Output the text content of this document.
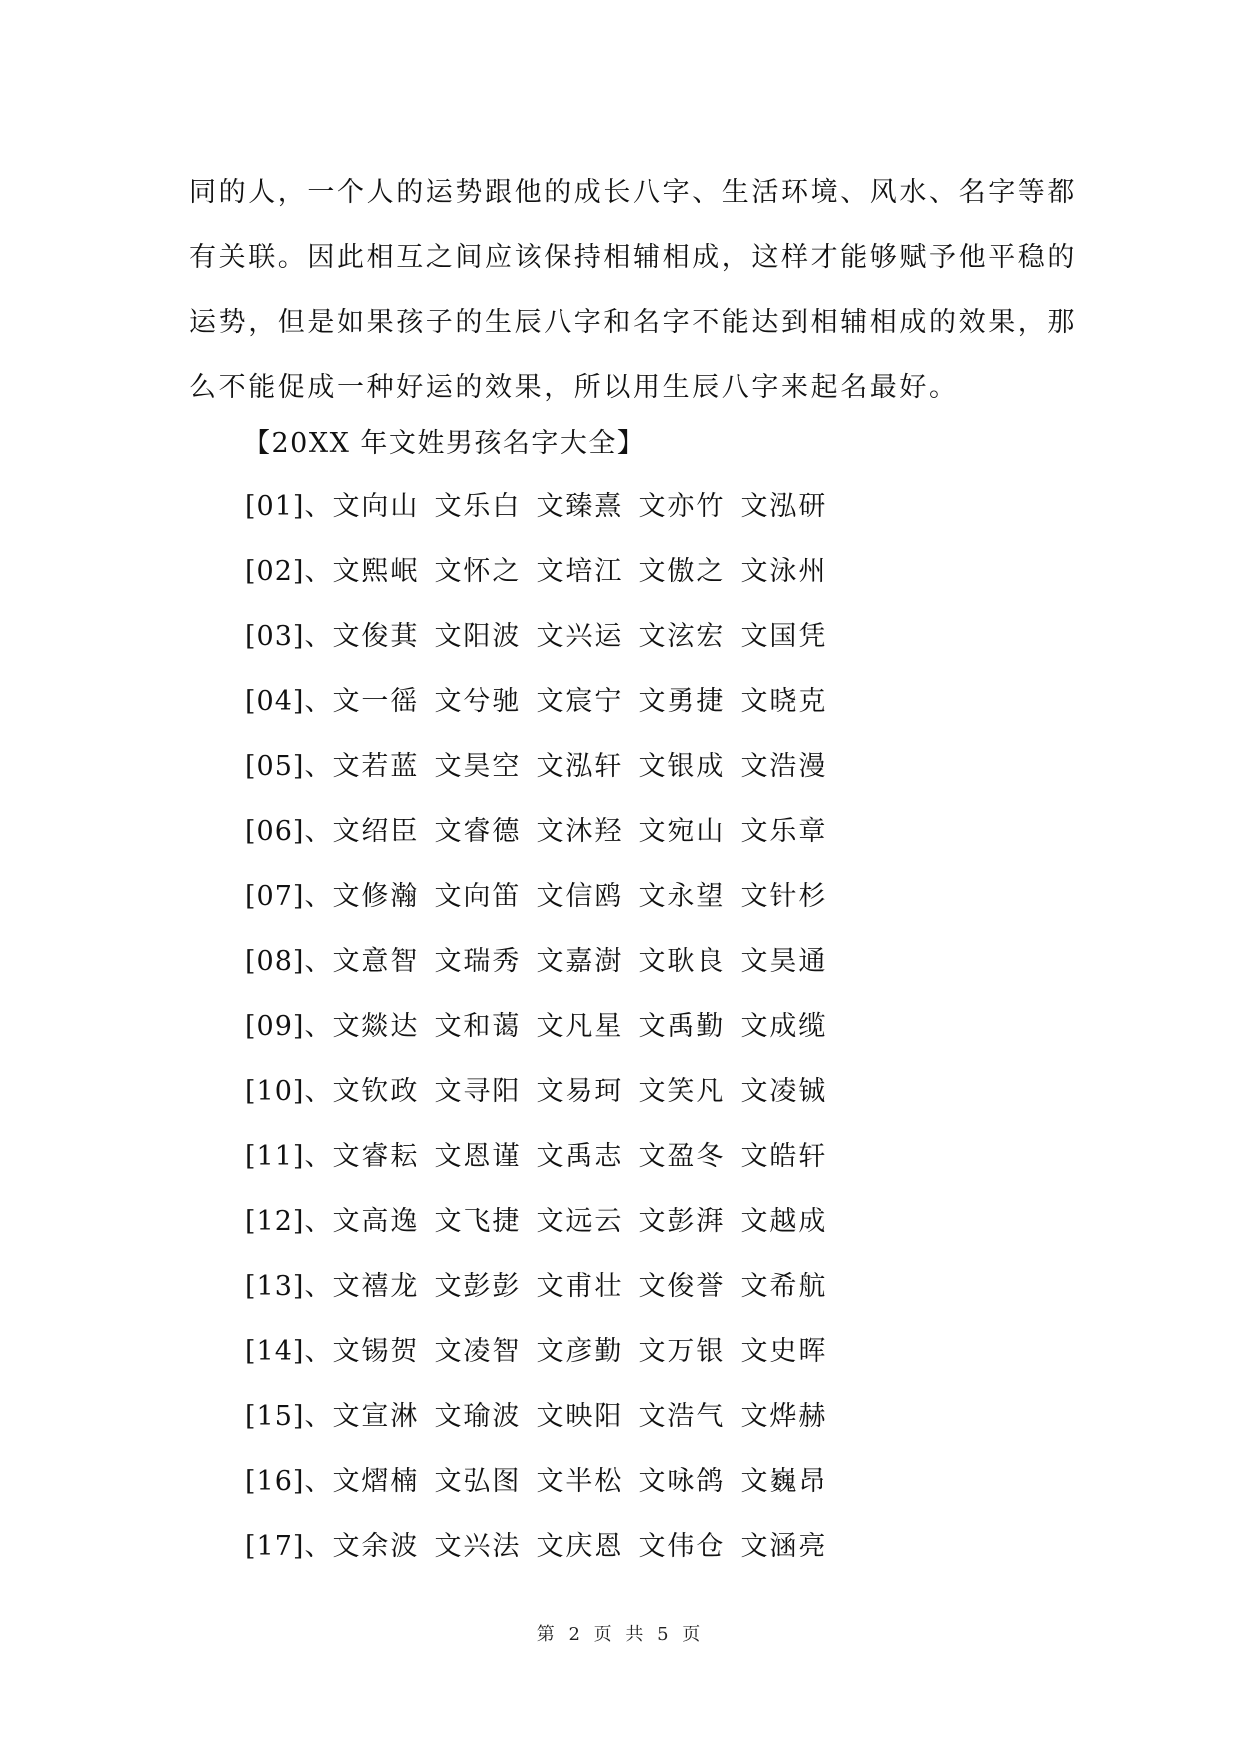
同的人，一个人的运势跟他的成长八字、生活环境、风水、名字等都
有关联。因此相互之间应该保持相辅相成，这样才能够赋予他平稳的
运势，但是如果孩子的生辰八字和名字不能达到相辅相成的效果，那
么不能促成一种好运的效果，所以用生辰八字来起名最好。
【20XX 年文姓男孩名字大全】
[01] 、 文向山 文乐白 文臻熹 文亦竹 文泓研
[02] 、 文熙岷 文怀之 文培江 文傲之 文泳州
[03] 、 文俊萁 文阳波 文兴运 文泫宏 文国凭
[04] 、 文一徭 文兮驰 文宸宁 文勇捷 文晓克
[05] 、 文若蓝 文昊空 文泓轩 文银成 文浩漫
[06] 、 文绍臣 文睿德 文沐羟 文宛山 文乐章
[07] 、 文修瀚 文向笛 文信鸥 文永望 文针杉
[08] 、 文意智 文瑞秀 文嘉澍 文耿良 文昊通
[09] 、 文燚达 文和蔼 文凡星 文禹勤 文成缆
[10] 、 文钦政 文寻阳 文易珂 文笑凡 文凌铖
[11] 、 文睿耘 文恩谨 文禹志 文盈冬 文皓轩
[12] 、 文高逸 文飞捷 文远云 文彭湃 文越成
[13] 、 文禧龙 文彭彭 文甫壮 文俊誉 文希航
[14] 、 文锡贺 文凌智 文彦勤 文万银 文史晖
[15] 、 文宣淋 文瑜波 文映阳 文浩气 文烨赫
[16] 、 文熠楠 文弘图 文半松 文咏鸽 文巍昂
[17] 、 文余波 文兴法 文庆恩 文伟仓 文涵亮
第 2 页 共 5 页
